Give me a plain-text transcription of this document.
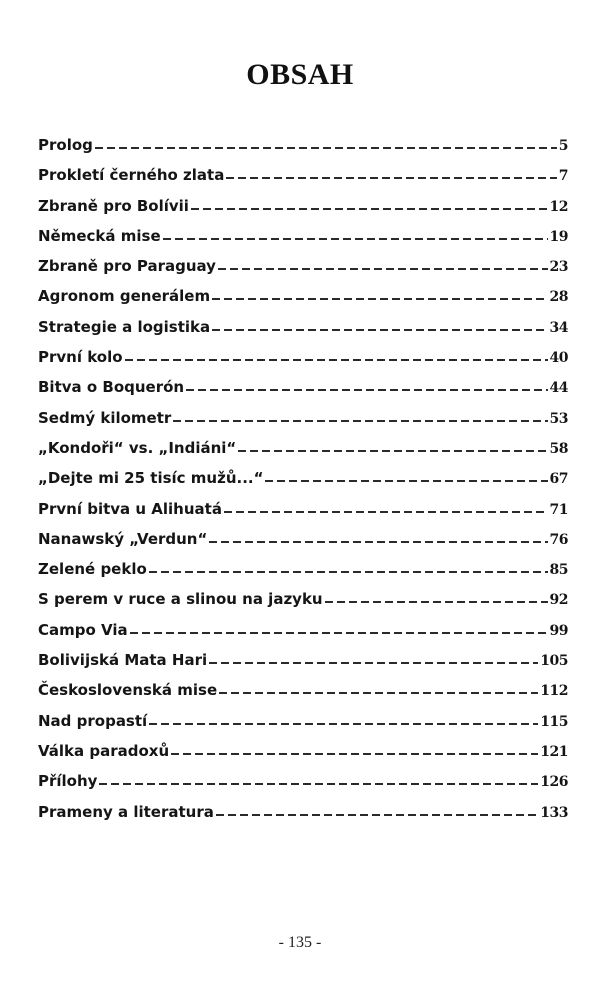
OBSAH
Prolog	5
Prokletí černého zlata	7
Zbraně pro Bolívii	12
Německá mise	19
Zbraně pro Paraguay	23
Agronom generálem	28
Strategie a logistika	34
První kolo	40
Bitva o Boquerón	44
Sedmý kilometr	53
„Kondoři“ vs. „Indiáni“	58
„Dejte mi 25 tisíc mužů...“	67
První bitva u Alihuatá	71
Nanawský „Verdun“	76
Zelené peklo	85
S perem v ruce a slinou na jazyku	92
Campo Via	99
Bolivijská Mata Hari	105
Československá mise	112
Nad propastí	115
Válka paradoxů	121
Přílohy	126
Prameny a literatura	133
- 135 -
